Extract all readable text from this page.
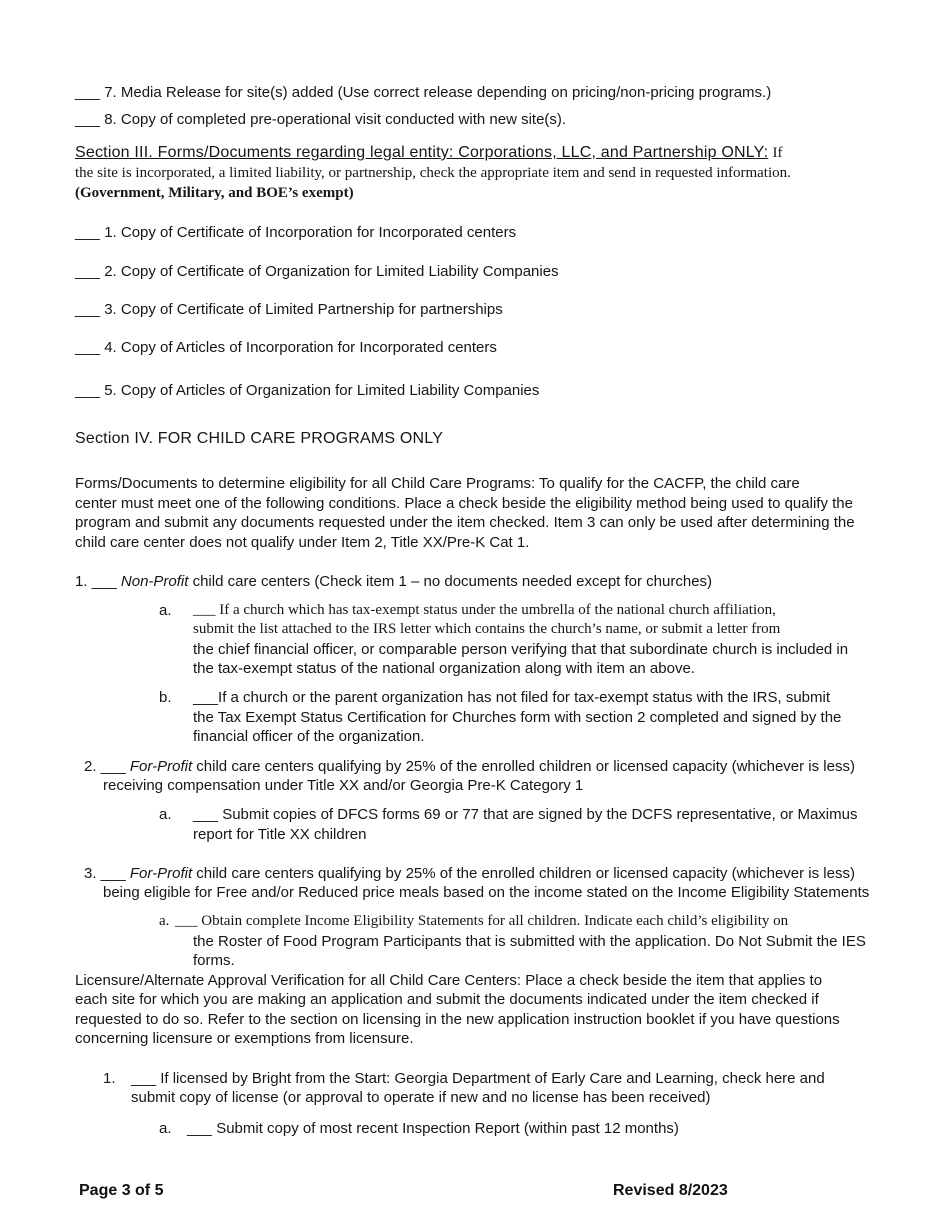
___ 7. Media Release for site(s) added (Use correct release depending on pricing/non-pricing programs.)
___ 8. Copy of completed pre-operational visit conducted with new site(s).
Section III. Forms/Documents regarding legal entity: Corporations, LLC, and Partnership ONLY: If
the site is incorporated, a limited liability, or partnership, check the appropriate item and send in requested information.
(Government, Military, and BOE’s exempt)
___ 1. Copy of Certificate of Incorporation for Incorporated centers
___ 2. Copy of Certificate of Organization for Limited Liability Companies
___ 3. Copy of Certificate of Limited Partnership for partnerships
___ 4. Copy of Articles of Incorporation for Incorporated centers
___ 5. Copy of Articles of Organization for Limited Liability Companies
Section IV. FOR CHILD CARE PROGRAMS ONLY
Forms/Documents to determine eligibility for all Child Care Programs: To qualify for the CACFP, the child care
center must meet one of the following conditions. Place a check beside the eligibility method being used to qualify the
program and submit any documents requested under the item checked. Item 3 can only be used after determining the
child care center does not qualify under Item 2, Title XX/Pre-K Cat 1.
1. ___ Non-Profit child care centers (Check item 1 – no documents needed except for churches)
a. ___ If a church which has tax-exempt status under the umbrella of the national church affiliation,
submit the list attached to the IRS letter which contains the church’s name, or submit a letter from
the chief financial officer, or comparable person verifying that that subordinate church is included in
the tax-exempt status of the national organization along with item an above.
b. ___If a church or the parent organization has not filed for tax-exempt status with the IRS, submit
the Tax Exempt Status Certification for Churches form with section 2 completed and signed by the
financial officer of the organization.
2. ___ For-Profit child care centers qualifying by 25% of the enrolled children or licensed capacity (whichever is less)
receiving compensation under Title XX and/or Georgia Pre-K Category 1
a. ___ Submit copies of DFCS forms 69 or 77 that are signed by the DCFS representative, or Maximus
report for Title XX children
3. ___ For-Profit child care centers qualifying by 25% of the enrolled children or licensed capacity (whichever is less)
being eligible for Free and/or Reduced price meals based on the income stated on the Income Eligibility Statements
a. ___ Obtain complete Income Eligibility Statements for all children. Indicate each child’s eligibility on
the Roster of Food Program Participants that is submitted with the application. Do Not Submit the IES
forms.
Licensure/Alternate Approval Verification for all Child Care Centers: Place a check beside the item that applies to
each site for which you are making an application and submit the documents indicated under the item checked if
requested to do so. Refer to the section on licensing in the new application instruction booklet if you have questions
concerning licensure or exemptions from licensure.
1. ___ If licensed by Bright from the Start: Georgia Department of Early Care and Learning, check here and
submit copy of license (or approval to operate if new and no license has been received)
a. ___ Submit copy of most recent Inspection Report (within past 12 months)
Page 3 of 5	Revised 8/2023
